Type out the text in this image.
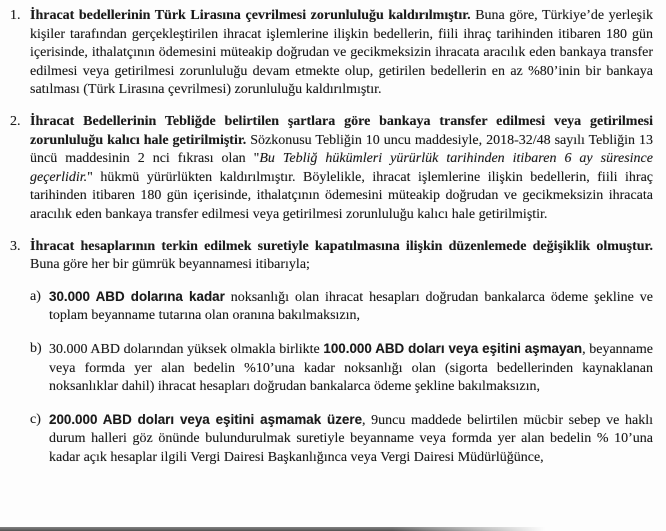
1. İhracat bedellerinin Türk Lirasına çevrilmesi zorunluluğu kaldırılmıştır. Buna göre, Türkiye’de yerleşik kişiler tarafından gerçekleştirilen ihracat işlemlerine ilişkin bedellerin, fiili ihraç tarihinden itibaren 180 gün içerisinde, ithalatçının ödemesini müteakip doğrudan ve gecikmeksizin ihracata aracılık eden bankaya transfer edilmesi veya getirilmesi zorunluluğu devam etmekte olup, getirilen bedellerin en az %80’inin bir bankaya satılması (Türk Lirasına çevrilmesi) zorunluluğu kaldırılmıştır.
2. İhracat Bedellerinin Tebliğde belirtilen şartlara göre bankaya transfer edilmesi veya getirilmesi zorunluluğu kalıcı hale getirilmiştir. Sözkonusu Tebliğin 10 uncu maddesiyle, 2018-32/48 sayılı Tebliğin 13 üncü maddesinin 2 nci fıkrası olan "Bu Tebliğ hükümleri yürürlük tarihinden itibaren 6 ay süresince geçerlidir." hükmü yürürlükten kaldırılmıştır. Böylelikle, ihracat işlemlerine ilişkin bedellerin, fiili ihraç tarihinden itibaren 180 gün içerisinde, ithalatçının ödemesini müteakip doğrudan ve gecikmeksizin ihracata aracılık eden bankaya transfer edilmesi veya getirilmesi zorunluluğu kalıcı hale getirilmiştir.
3. İhracat hesaplarının terkin edilmek suretiyle kapatılmasına ilişkin düzenlemede değişiklik olmuştur. Buna göre her bir gümrük beyannamesi itibarıyla;
a) 30.000 ABD dolarına kadar noksanlığı olan ihracat hesapları doğrudan bankalarca ödeme şekline ve toplam beyanname tutarına olan oranına bakılmaksızın,
b) 30.000 ABD dolarından yüksek olmakla birlikte 100.000 ABD doları veya eşitini aşmayan, beyanname veya formda yer alan bedelin %10’una kadar noksanlığı olan (sigorta bedellerinden kaynaklanan noksanlıklar dahil) ihracat hesapları doğrudan bankalarca ödeme şekline bakılmaksızın,
c) 200.000 ABD doları veya eşitini aşmamak üzere, 9uncu maddede belirtilen mücbir sebep ve haklı durum halleri göz önünde bulundurulmak suretiyle beyanname veya formda yer alan bedelin % 10’una kadar açık hesaplar ilgili Vergi Dairesi Başkanlığınca veya Vergi Dairesi Müdürlüğünce,
